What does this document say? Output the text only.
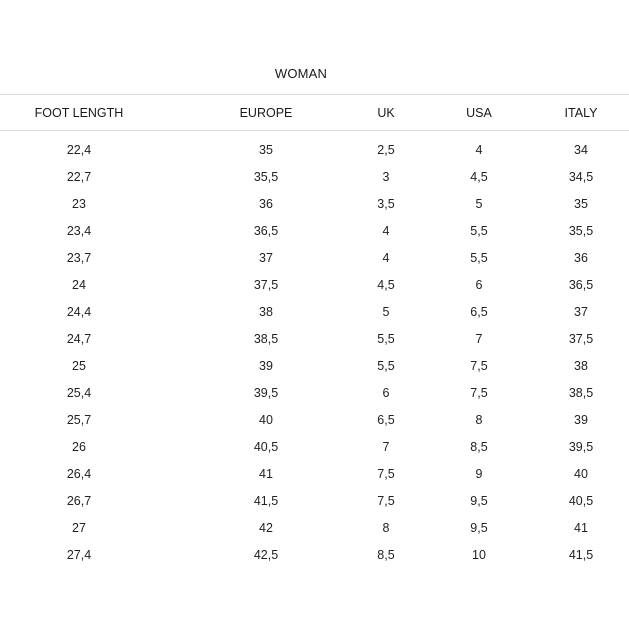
WOMAN
FOOT LENGTH	EUROPE	UK	USA	ITALY
22,4	35	2,5	4	34
22,7	35,5	3	4,5	34,5
23	36	3,5	5	35
23,4	36,5	4	5,5	35,5
23,7	37	4	5,5	36
24	37,5	4,5	6	36,5
24,4	38	5	6,5	37
24,7	38,5	5,5	7	37,5
25	39	5,5	7,5	38
25,4	39,5	6	7,5	38,5
25,7	40	6,5	8	39
26	40,5	7	8,5	39,5
26,4	41	7,5	9	40
26,7	41,5	7,5	9,5	40,5
27	42	8	9,5	41
27,4	42,5	8,5	10	41,5
